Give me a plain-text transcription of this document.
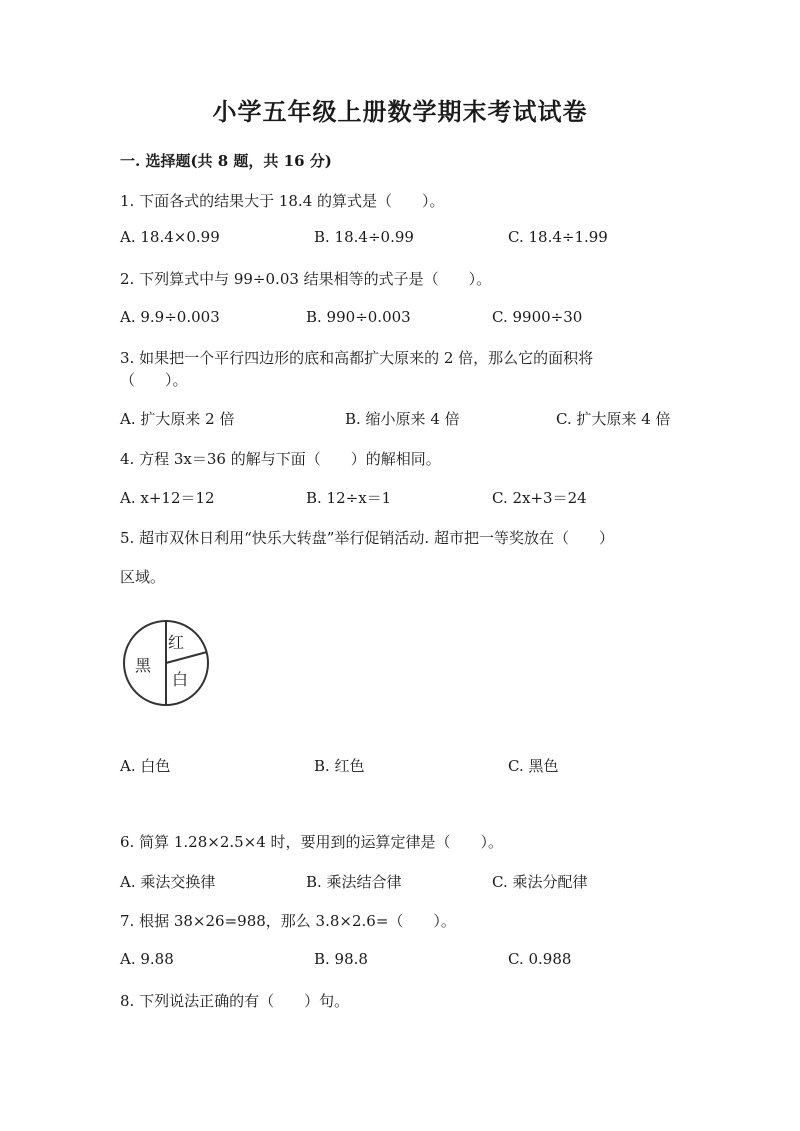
小学五年级上册数学期末考试试卷
一. 选择题(共 8 题，共 16 分)
1. 下面各式的结果大于 18.4 的算式是（　　）。
A. 18.4×0.99	B. 18.4÷0.99	C. 18.4÷1.99
2. 下列算式中与 99÷0.03 结果相等的式子是（　　）。
A. 9.9÷0.003	B. 990÷0.003	C. 9900÷30
3. 如果把一个平行四边形的底和高都扩大原来的 2 倍，那么它的面积将
（　　）。
A. 扩大原来 2 倍	B. 缩小原来 4 倍	C. 扩大原来 4 倍
4. 方程 3x＝36 的解与下面（　　）的解相同。
A. x+12＝12	B. 12÷x＝1	C. 2x+3＝24
5. 超市双休日利用“快乐大转盘”举行促销活动. 超市把一等奖放在（　　）
区域。
红
黑
白
A. 白色	B. 红色	C. 黑色
6. 简算 1.28×2.5×4 时，要用到的运算定律是（　　）。
A. 乘法交换律	B. 乘法结合律	C. 乘法分配律
7. 根据 38×26=988，那么 3.8×2.6=（　　）。
A. 9.88	B. 98.8	C. 0.988
8. 下列说法正确的有（　　）句。
